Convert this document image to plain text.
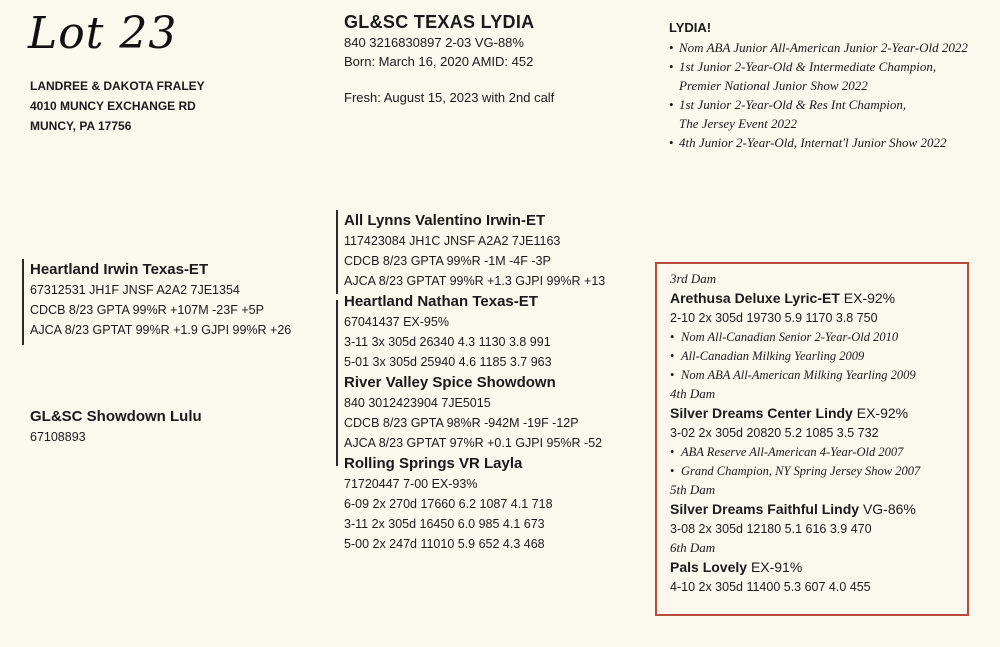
Lot 23
LANDREE & DAKOTA FRALEY
4010 MUNCY EXCHANGE RD
MUNCY, PA 17756
GL&SC TEXAS LYDIA
840 3216830897 2-03 VG-88%
Born: March 16, 2020 AMID: 452
Fresh: August 15, 2023 with 2nd calf
LYDIA!
• Nom ABA Junior All-American Junior 2-Year-Old 2022
• 1st Junior 2-Year-Old & Intermediate Champion,
Premier National Junior Show 2022
• 1st Junior 2-Year-Old & Res Int Champion,
The Jersey Event 2022
• 4th Junior 2-Year-Old, Internat'l Junior Show 2022
Heartland Irwin Texas-ET
67312531 JH1F JNSF A2A2 7JE1354
CDCB 8/23 GPTA 99%R +107M -23F +5P
AJCA 8/23 GPTAT 99%R +1.9 GJPI 99%R +26
GL&SC Showdown Lulu
67108893
All Lynns Valentino Irwin-ET
117423084 JH1C JNSF A2A2 7JE1163
CDCB 8/23 GPTA 99%R -1M -4F -3P
AJCA 8/23 GPTAT 99%R +1.3 GJPI 99%R +13
Heartland Nathan Texas-ET
67041437 EX-95%
3-11 3x 305d 26340 4.3 1130 3.8 991
5-01 3x 305d 25940 4.6 1185 3.7 963
River Valley Spice Showdown
840 3012423904 7JE5015
CDCB 8/23 GPTA 98%R -942M -19F -12P
AJCA 8/23 GPTAT 97%R +0.1 GJPI 95%R -52
Rolling Springs VR Layla
71720447 7-00 EX-93%
6-09 2x 270d 17660 6.2 1087 4.1 718
3-11 2x 305d 16450 6.0 985 4.1 673
5-00 2x 247d 11010 5.9 652 4.3 468
3rd Dam
Arethusa Deluxe Lyric-ET EX-92%
2-10 2x 305d 19730 5.9 1170 3.8 750
• Nom All-Canadian Senior 2-Year-Old 2010
• All-Canadian Milking Yearling 2009
• Nom ABA All-American Milking Yearling 2009
4th Dam
Silver Dreams Center Lindy EX-92%
3-02 2x 305d 20820 5.2 1085 3.5 732
• ABA Reserve All-American 4-Year-Old 2007
• Grand Champion, NY Spring Jersey Show 2007
5th Dam
Silver Dreams Faithful Lindy VG-86%
3-08 2x 305d 12180 5.1 616 3.9 470
6th Dam
Pals Lovely EX-91%
4-10 2x 305d 11400 5.3 607 4.0 455
